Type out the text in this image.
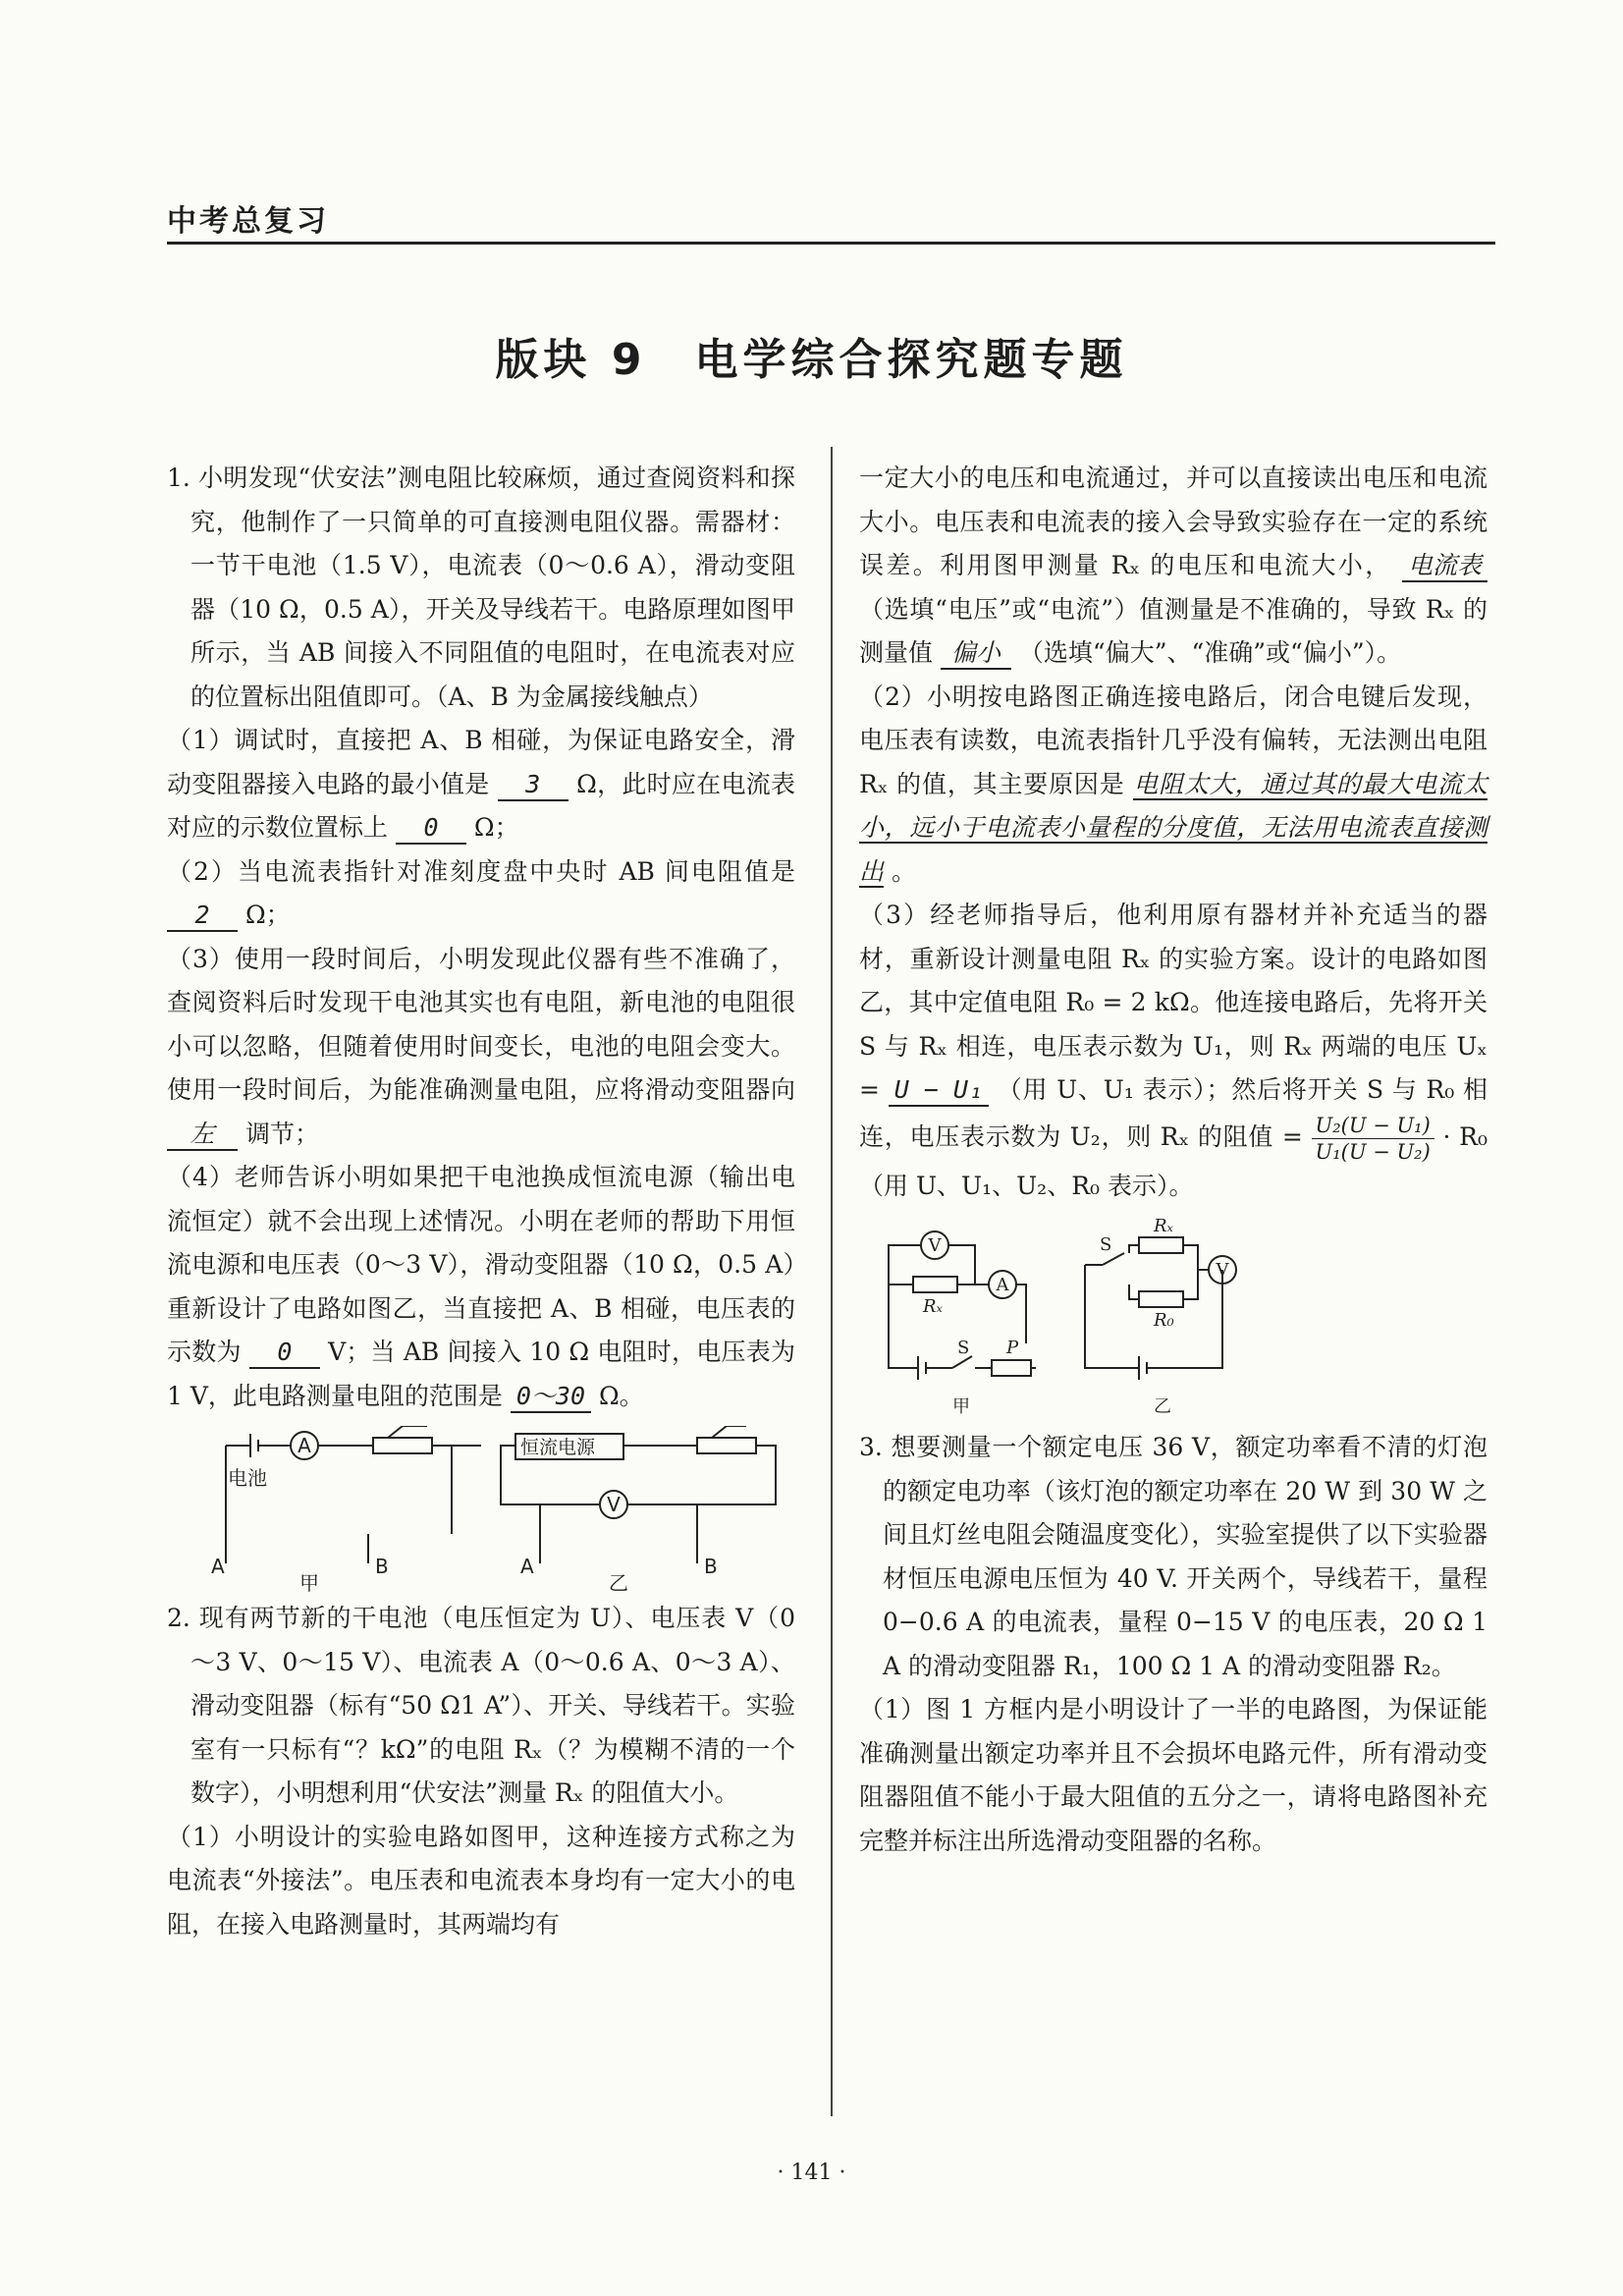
中考总复习
版块 9　电学综合探究题专题

1. 小明发现“伏安法”测电阻比较麻烦，通过查阅资料和探究，他制作了一只简单的可直接测电阻仪器。需器材：一节干电池（1.5 V），电流表（0～0.6 A），滑动变阻器（10 Ω，0.5 A），开关及导线若干。电路原理如图甲所示，当 AB 间接入不同阻值的电阻时，在电流表对应的位置标出阻值即可。（A、B 为金属接线触点）

（1）调试时，直接把 A、B 相碰，为保证电路安全，滑动变阻器接入电路的最小值是 3 Ω，此时应在电流表对应的示数位置标上 0 Ω；

（2）当电流表指针对准刻度盘中央时 AB 间电阻值是 2 Ω；

（3）使用一段时间后，小明发现此仪器有些不准确了，查阅资料后时发现干电池其实也有电阻，新电池的电阻很小可以忽略，但随着使用时间变长，电池的电阻会变大。使用一段时间后，为能准确测量电阻，应将滑动变阻器向 左 调节；

（4）老师告诉小明如果把干电池换成恒流电源（输出电流恒定）就不会出现上述情况。小明在老师的帮助下用恒流电源和电压表（0～3 V），滑动变阻器（10 Ω，0.5 A）重新设计了电路如图乙，当直接把 A、B 相碰，电压表的示数为 0 V；当 AB 间接入 10 Ω 电阻时，电压表为 1 V，此电路测量电阻的范围是 0～30 Ω。

A
V
电池
恒流电源
A	B	A	B
甲	乙

2. 现有两节新的干电池（电压恒定为 U）、电压表 V（0～3 V、0～15 V）、电流表 A（0～0.6 A、0～3 A）、滑动变阻器（标有“50 Ω1 A”）、开关、导线若干。实验室有一只标有“？kΩ”的电阻 Rₓ（？为模糊不清的一个数字），小明想利用“伏安法”测量 Rₓ 的阻值大小。

（1）小明设计的实验电路如图甲，这种连接方式称之为电流表“外接法”。电压表和电流表本身均有一定大小的电阻，在接入电路测量时，其两端均有

一定大小的电压和电流通过，并可以直接读出电压和电流大小。电压表和电流表的接入会导致实验存在一定的系统误差。利用图甲测量 Rₓ 的电压和电流大小， 电流表 （选填“电压”或“电流”）值测量是不准确的，导致 Rₓ 的测量值 偏小 （选填“偏大”、“准确”或“偏小”）。

（2）小明按电路图正确连接电路后，闭合电键后发现，电压表有读数，电流表指针几乎没有偏转，无法测出电阻 Rₓ 的值，其主要原因是 电阻太大，通过其的最大电流太小，远小于电流表小量程的分度值，无法用电流表直接测出 。

（3）经老师指导后，他利用原有器材并补充适当的器材，重新设计测量电阻 Rₓ 的实验方案。设计的电路如图乙，其中定值电阻 R₀ = 2 kΩ。他连接电路后，先将开关 S 与 Rₓ 相连，电压表示数为 U₁，则 Rₓ 两端的电压 Uₓ = U − U₁ （用 U、U₁ 表示）；然后将开关 S 与 R₀ 相连，电压表示数为 U₂，则 Rₓ 的阻值 = $\frac{\text{U₂(U − U₁)}}{\text{U₁(U − U₂)}} \cdot R_0$ （用 U、U₁、U₂、R₀ 表示）。

V
A
V
Rₓ
Rₓ
R₀
S
S
P
甲	乙

3. 想要测量一个额定电压 36 V，额定功率看不清的灯泡的额定电功率（该灯泡的额定功率在 20 W 到 30 W 之间且灯丝电阻会随温度变化），实验室提供了以下实验器材恒压电源电压恒为 40 V. 开关两个，导线若干，量程 0−0.6 A 的电流表，量程 0−15 V 的电压表，20 Ω 1 A 的滑动变阻器 R₁，100 Ω 1 A 的滑动变阻器 R₂。

（1）图 1 方框内是小明设计了一半的电路图，为保证能准确测量出额定功率并且不会损坏电路元件，所有滑动变阻器阻值不能小于最大阻值的五分之一，请将电路图补充完整并标注出所选滑动变阻器的名称。

· 141 ·
